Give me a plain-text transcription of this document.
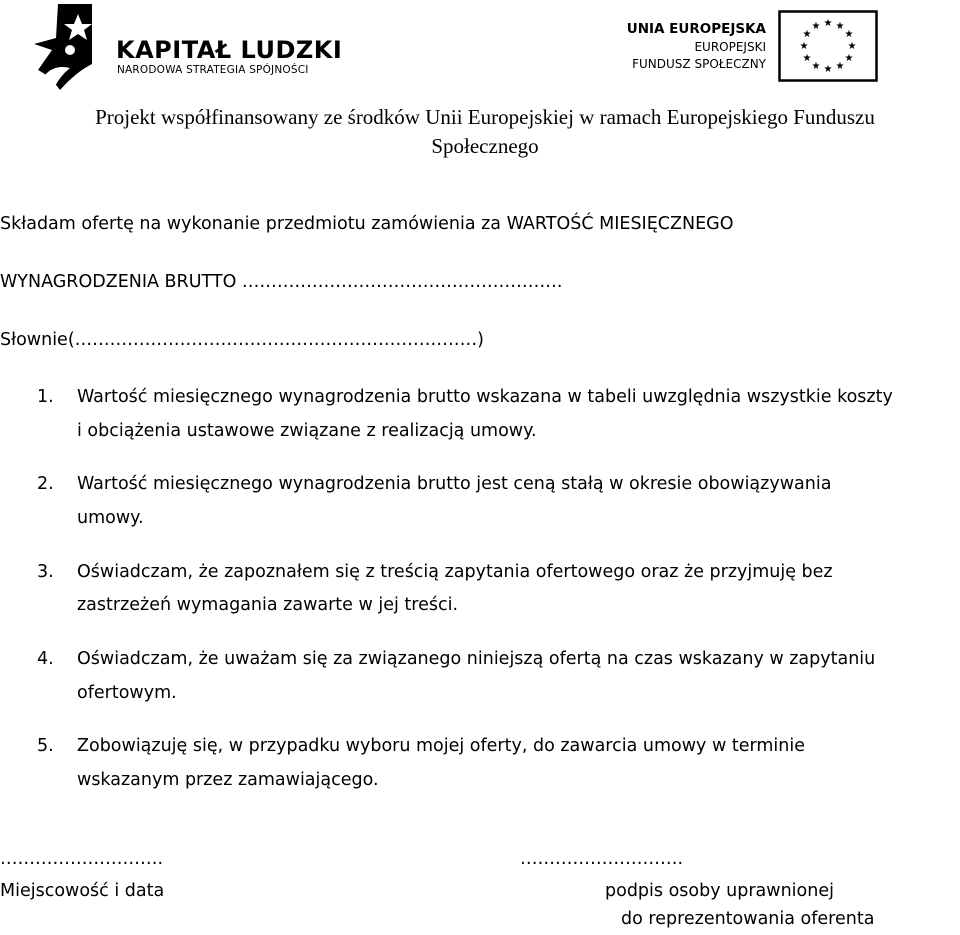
KAPITAŁ LUDZKI
NARODOWA STRATEGIA SPÓJNOŚCI
UNIA EUROPEJSKA
EUROPEJSKI
FUNDUSZ SPOŁECZNY
★ ★
★
★
★
★
★
★
★
★
★
★
Projekt współfinansowany ze środków Unii Europejskiej w ramach Europejskiego Funduszu
Społecznego
Składam ofertę na wykonanie przedmiotu zamówienia za WARTOŚĆ MIESIĘCZNEGO
WYNAGRODZENIA BRUTTO ……………………………………………….
Słownie(……………………………………………………………)
1. Wartość miesięcznego wynagrodzenia brutto wskazana w tabeli uwzględnia wszystkie koszty
i obciążenia ustawowe związane z realizacją umowy.
2. Wartość miesięcznego wynagrodzenia brutto jest ceną stałą w okresie obowiązywania
umowy.
3. Oświadczam, że zapoznałem się z treścią zapytania ofertowego oraz że przyjmuję bez
zastrzeżeń wymagania zawarte w jej treści.
4. Oświadczam, że uważam się za związanego niniejszą ofertą na czas wskazany w zapytaniu
ofertowym.
5. Zobowiązuję się, w przypadku wyboru mojej oferty, do zawarcia umowy w terminie
wskazanym przez zamawiającego.
……………………….
Miejscowość i data
……………………….
podpis osoby uprawnionej
do reprezentowania oferenta
